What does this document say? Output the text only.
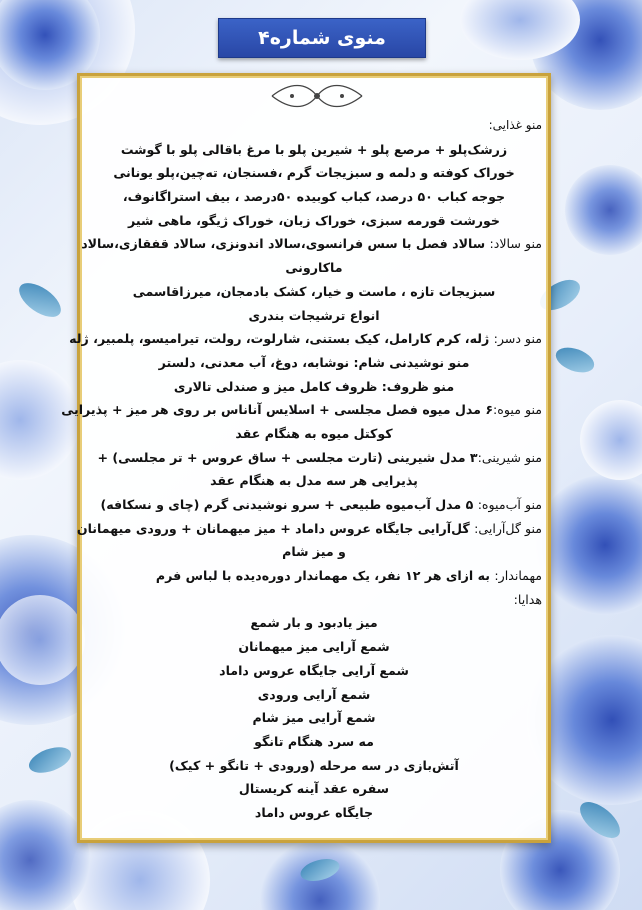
منوی شماره۴
منو غذایی:
زرشک‌پلو + مرصع پلو + شیرین پلو با مرغ باقالی پلو با گوشت
خوراک کوفته و دلمه و سبزیجات گرم ،فسنجان، ته‌چین،پلو یونانی
جوجه کباب ۵۰ درصد، کباب کوبیده ۵۰درصد ، بیف استراگانوف،
خورشت قورمه سبزی، خوراک زبان، خوراک ژیگو، ماهی شیر
منو سالاد: سالاد فصل با سس فرانسوی،سالاد اندونزی، سالاد قفقازی،سالاد
ماکارونی
سبزیجات تازه ، ماست و خیار، کشک بادمجان، میرزاقاسمی
انواع ترشیجات بندری
منو دسر: ژله، کرم کارامل، کیک بستنی، شارلوت، رولت، تیرامیسو، پلمبیر، ژله
منو نوشیدنی شام: نوشابه، دوغ، آب معدنی، دلستر
منو ظروف: ظروف کامل میز و صندلی تالاری
منو میوه:۶ مدل میوه فصل مجلسی + اسلایس آناناس بر روی هر میز + پذیرایی
کوکتل میوه به هنگام عقد
منو شیرینی:۳ مدل شیرینی (تارت مجلسی + ساق عروس + تر مجلسی) +
پذیرایی هر سه مدل به هنگام عقد
منو آب‌میوه: ۵ مدل آب‌میوه طبیعی + سرو نوشیدنی گرم (چای و نسکافه)
منو گل‌آرایی: گل‌آرایی جایگاه عروس داماد + میز میهمانان + ورودی میهمانان
و میز شام
مهماندار: به ازای هر ۱۲ نفر، یک مهماندار دوره‌دیده با لباس فرم
هدایا:
میز یادبود و بار شمع
شمع آرایی میز میهمانان
شمع آرایی جایگاه عروس داماد
شمع آرایی ورودی
شمع آرایی میز شام
مه سرد هنگام تانگو
آتش‌بازی در سه مرحله (ورودی + تانگو + کیک)
سفره عقد آینه کریستال
جایگاه عروس داماد
